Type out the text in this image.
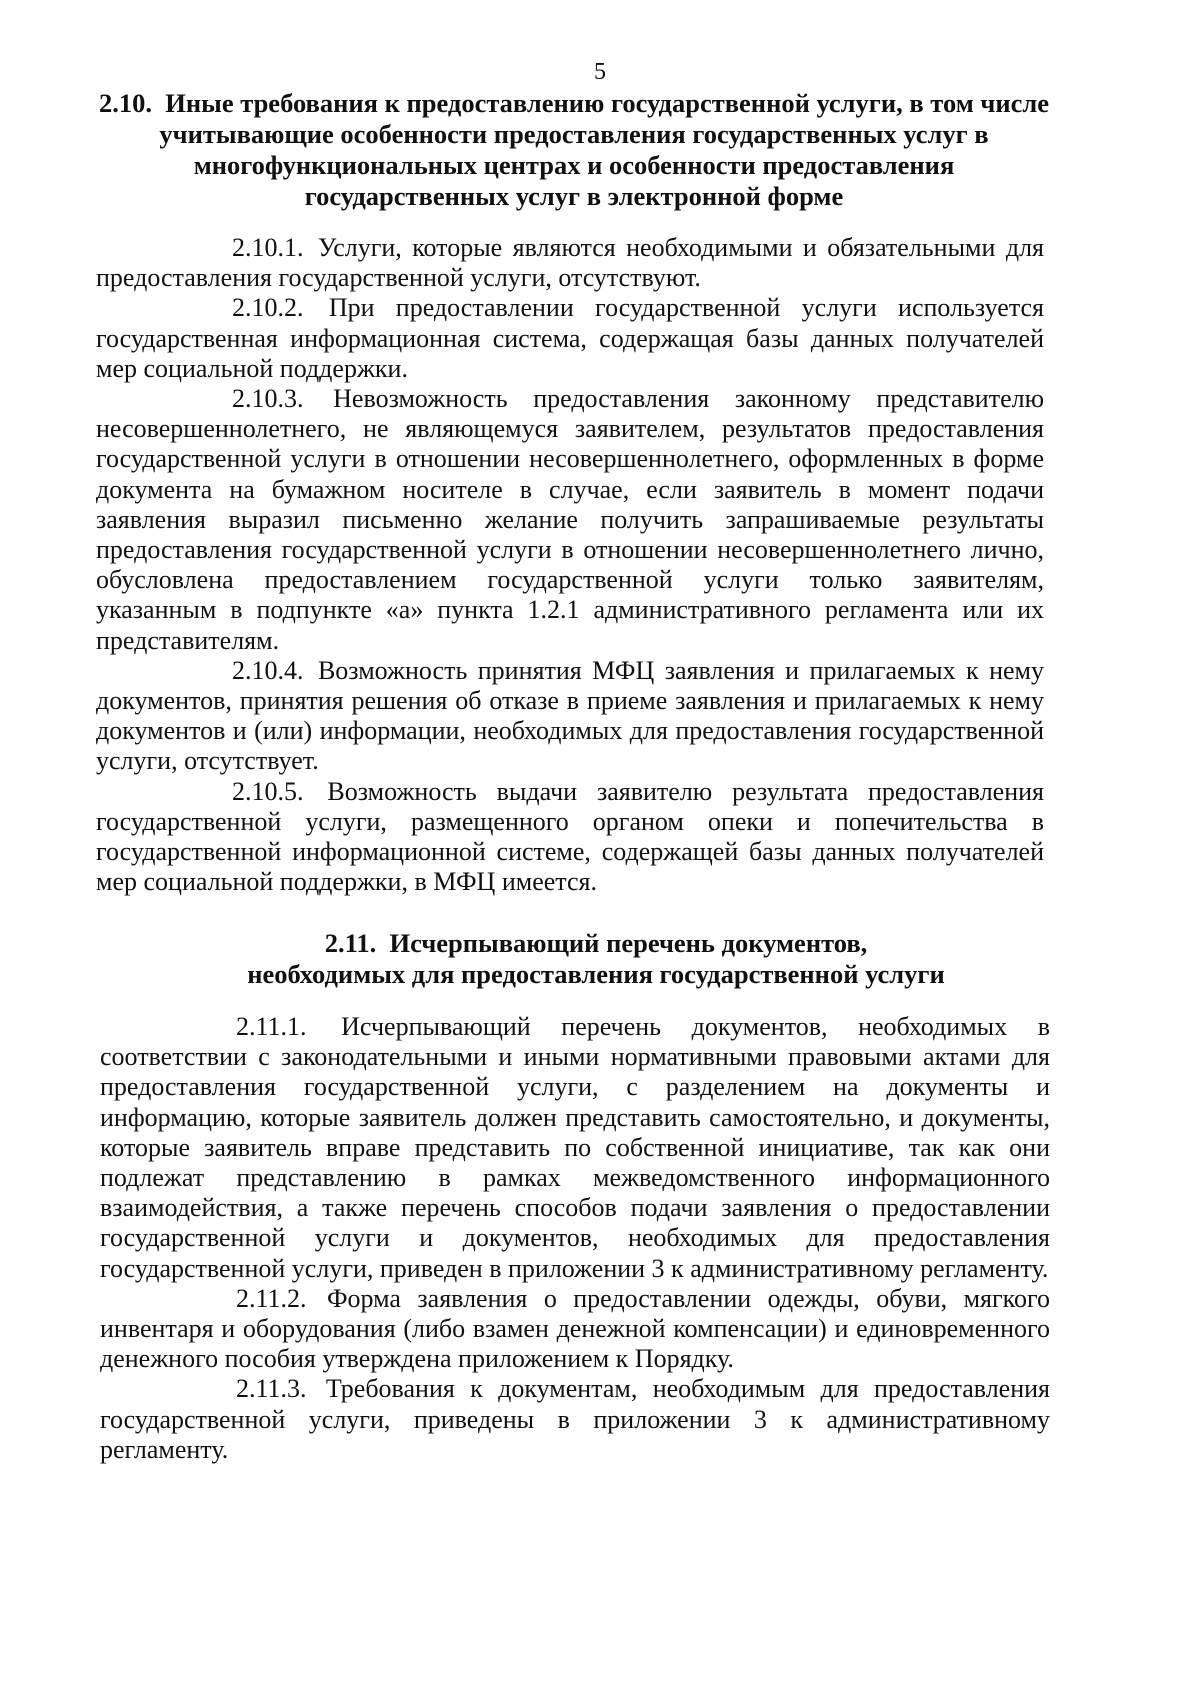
5
2.10. Иные требования к предоставлению государственной услуги, в том числе
учитывающие особенности предоставления государственных услуг в
многофункциональных центрах и особенности предоставления
государственных услуг в электронной форме

2.10.1. Услуги, которые являются необходимыми и обязательными для предоставления государственной услуги, отсутствуют.

2.10.2. При предоставлении государственной услуги используется государственная информационная система, содержащая базы данных получателей мер социальной поддержки.

2.10.3. Невозможность предоставления законному представителю несовершеннолетнего, не являющемуся заявителем, результатов предоставления государственной услуги в отношении несовершеннолетнего, оформленных в форме документа на бумажном носителе в случае, если заявитель в момент подачи заявления выразил письменно желание получить запрашиваемые результаты предоставления государственной услуги в отношении несовершеннолетнего лично, обусловлена предоставлением государственной услуги только заявителям, указанным в подпункте «а» пункта 1.2.1 административного регламента или их представителям.

2.10.4. Возможность принятия МФЦ заявления и прилагаемых к нему документов, принятия решения об отказе в приеме заявления и прилагаемых к нему документов и (или) информации, необходимых для предоставления государственной услуги, отсутствует.

2.10.5. Возможность выдачи заявителю результата предоставления государственной услуги, размещенного органом опеки и попечительства в государственной информационной системе, содержащей базы данных получателей мер социальной поддержки, в МФЦ имеется.

2.11. Исчерпывающий перечень документов,
необходимых для предоставления государственной услуги

2.11.1. Исчерпывающий перечень документов, необходимых в соответствии с законодательными и иными нормативными правовыми актами для предоставления государственной услуги, с разделением на документы и информацию, которые заявитель должен представить самостоятельно, и документы, которые заявитель вправе представить по собственной инициативе, так как они подлежат представлению в рамках межведомственного информационного взаимодействия, а также перечень способов подачи заявления о предоставлении государственной услуги и документов, необходимых для предоставления государственной услуги, приведен в приложении 3 к административному регламенту.

2.11.2. Форма заявления о предоставлении одежды, обуви, мягкого инвентаря и оборудования (либо взамен денежной компенсации) и единовременного денежного пособия утверждена приложением к Порядку.

2.11.3. Требования к документам, необходимым для предоставления государственной услуги, приведены в приложении 3 к административному регламенту.
